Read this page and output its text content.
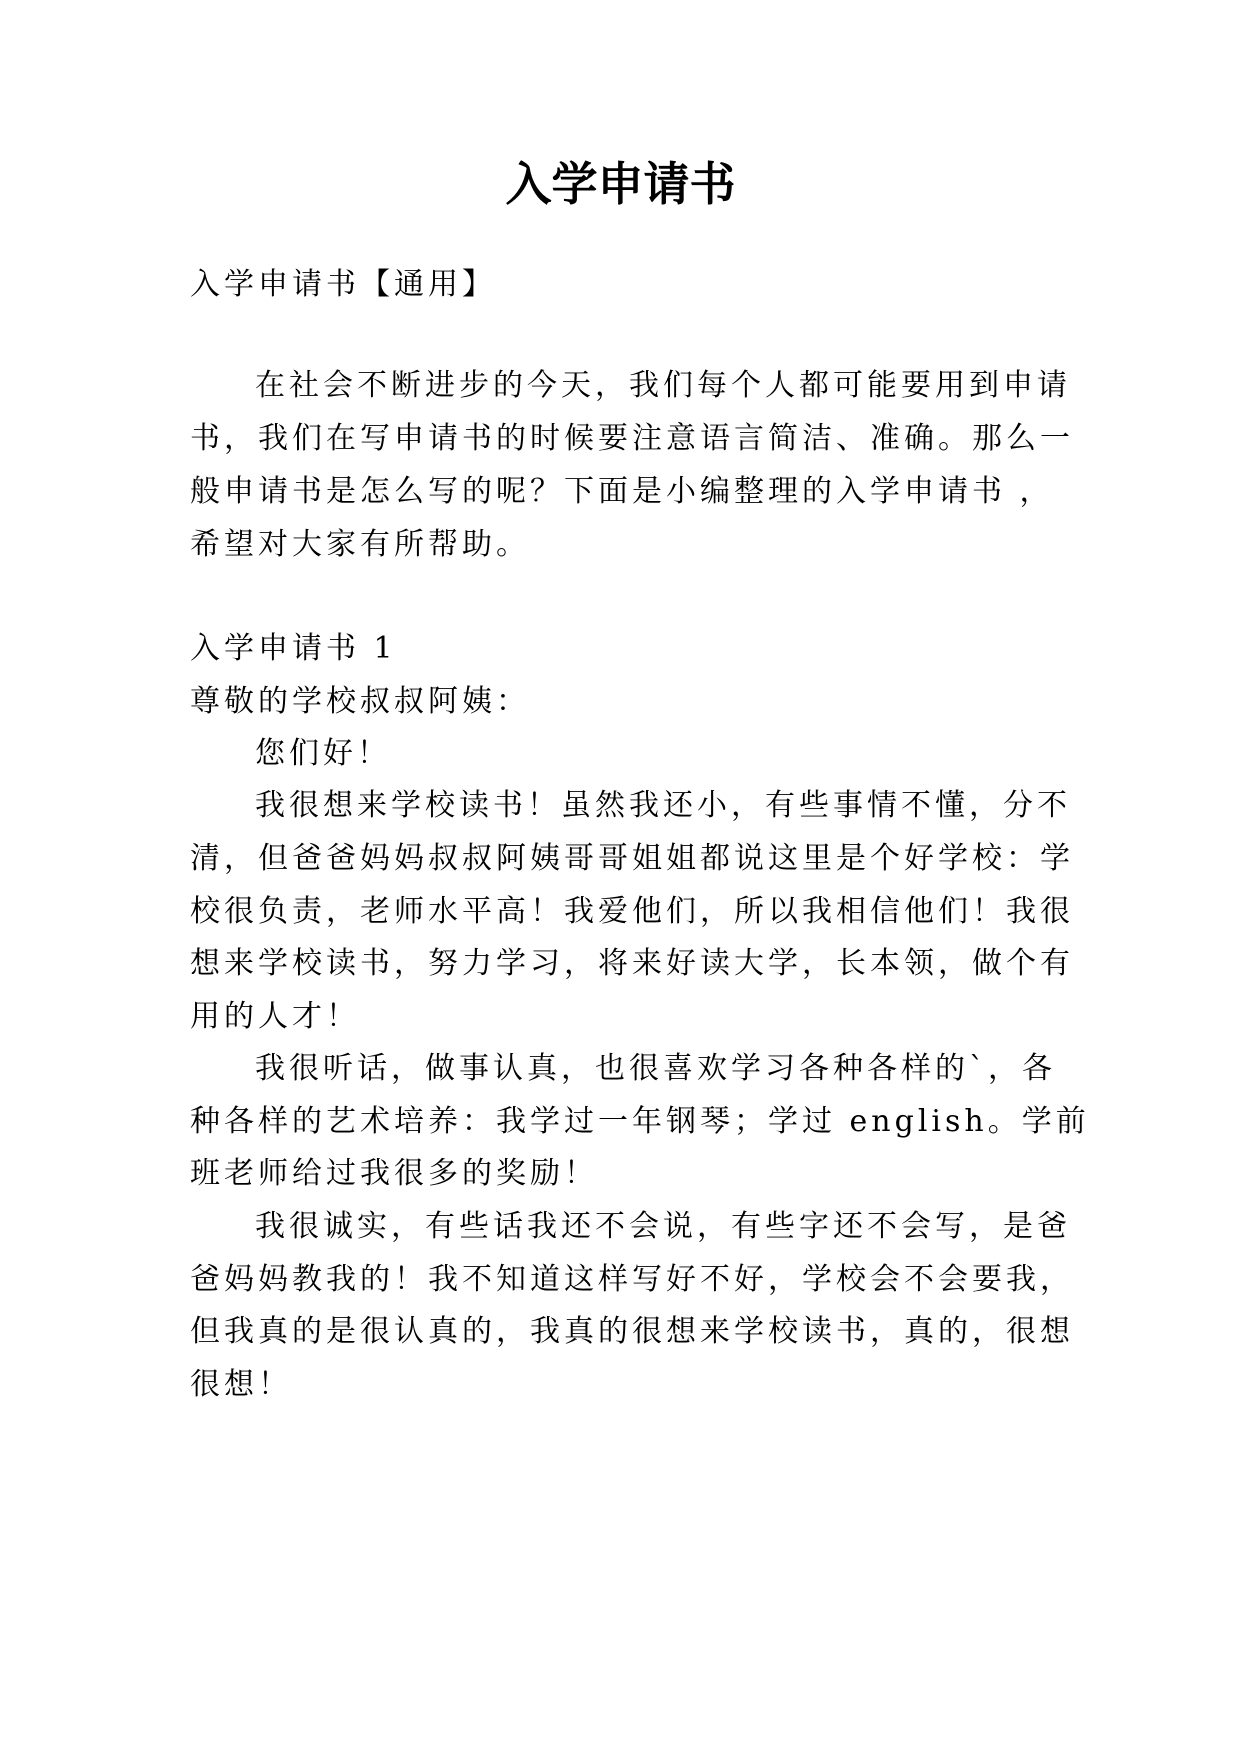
入学申请书

入学申请书【通用】

在社会不断进步的今天，我们每个人都可能要用到申请

书，我们在写申请书的时候要注意语言简洁、准确。那么一

般申请书是怎么写的呢？下面是小编整理的入学申请书 ，

希望对大家有所帮助。

入学申请书 1

尊敬的学校叔叔阿姨：

您们好！

我很想来学校读书！虽然我还小，有些事情不懂，分不

清，但爸爸妈妈叔叔阿姨哥哥姐姐都说这里是个好学校：学

校很负责，老师水平高！我爱他们，所以我相信他们！我很

想来学校读书，努力学习，将来好读大学，长本领，做个有

用的人才！

我很听话，做事认真，也很喜欢学习各种各样的`，各

种各样的艺术培养：我学过一年钢琴；学过 english。学前

班老师给过我很多的奖励！

我很诚实，有些话我还不会说，有些字还不会写，是爸

爸妈妈教我的！我不知道这样写好不好，学校会不会要我，

但我真的是很认真的，我真的很想来学校读书，真的，很想

很想！
